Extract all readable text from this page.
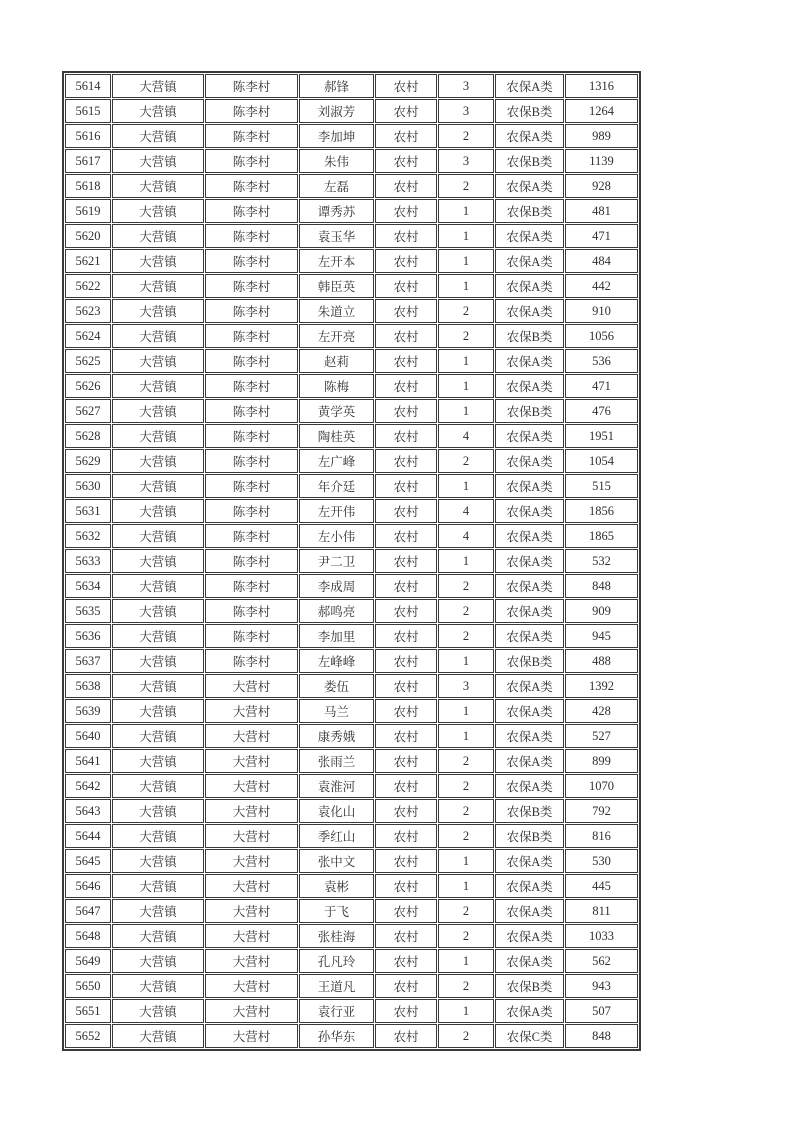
5614	大营镇	陈李村	郝锋	农村	3	农保A类	1316
5615	大营镇	陈李村	刘淑芳	农村	3	农保B类	1264
5616	大营镇	陈李村	李加坤	农村	2	农保A类	989
5617	大营镇	陈李村	朱伟	农村	3	农保B类	1139
5618	大营镇	陈李村	左磊	农村	2	农保A类	928
5619	大营镇	陈李村	谭秀苏	农村	1	农保B类	481
5620	大营镇	陈李村	袁玉华	农村	1	农保A类	471
5621	大营镇	陈李村	左开本	农村	1	农保A类	484
5622	大营镇	陈李村	韩臣英	农村	1	农保A类	442
5623	大营镇	陈李村	朱道立	农村	2	农保A类	910
5624	大营镇	陈李村	左开亮	农村	2	农保B类	1056
5625	大营镇	陈李村	赵莉	农村	1	农保A类	536
5626	大营镇	陈李村	陈梅	农村	1	农保A类	471
5627	大营镇	陈李村	黄学英	农村	1	农保B类	476
5628	大营镇	陈李村	陶桂英	农村	4	农保A类	1951
5629	大营镇	陈李村	左广峰	农村	2	农保A类	1054
5630	大营镇	陈李村	年介廷	农村	1	农保A类	515
5631	大营镇	陈李村	左开伟	农村	4	农保A类	1856
5632	大营镇	陈李村	左小伟	农村	4	农保A类	1865
5633	大营镇	陈李村	尹二卫	农村	1	农保A类	532
5634	大营镇	陈李村	李成周	农村	2	农保A类	848
5635	大营镇	陈李村	郝鸣亮	农村	2	农保A类	909
5636	大营镇	陈李村	李加里	农村	2	农保A类	945
5637	大营镇	陈李村	左峰峰	农村	1	农保B类	488
5638	大营镇	大营村	娄伍	农村	3	农保A类	1392
5639	大营镇	大营村	马兰	农村	1	农保A类	428
5640	大营镇	大营村	康秀娥	农村	1	农保A类	527
5641	大营镇	大营村	张雨兰	农村	2	农保A类	899
5642	大营镇	大营村	袁淮河	农村	2	农保A类	1070
5643	大营镇	大营村	袁化山	农村	2	农保B类	792
5644	大营镇	大营村	季红山	农村	2	农保B类	816
5645	大营镇	大营村	张中文	农村	1	农保A类	530
5646	大营镇	大营村	袁彬	农村	1	农保A类	445
5647	大营镇	大营村	于飞	农村	2	农保A类	811
5648	大营镇	大营村	张桂海	农村	2	农保A类	1033
5649	大营镇	大营村	孔凡玲	农村	1	农保A类	562
5650	大营镇	大营村	王道凡	农村	2	农保B类	943
5651	大营镇	大营村	袁行亚	农村	1	农保A类	507
5652	大营镇	大营村	孙华东	农村	2	农保C类	848
